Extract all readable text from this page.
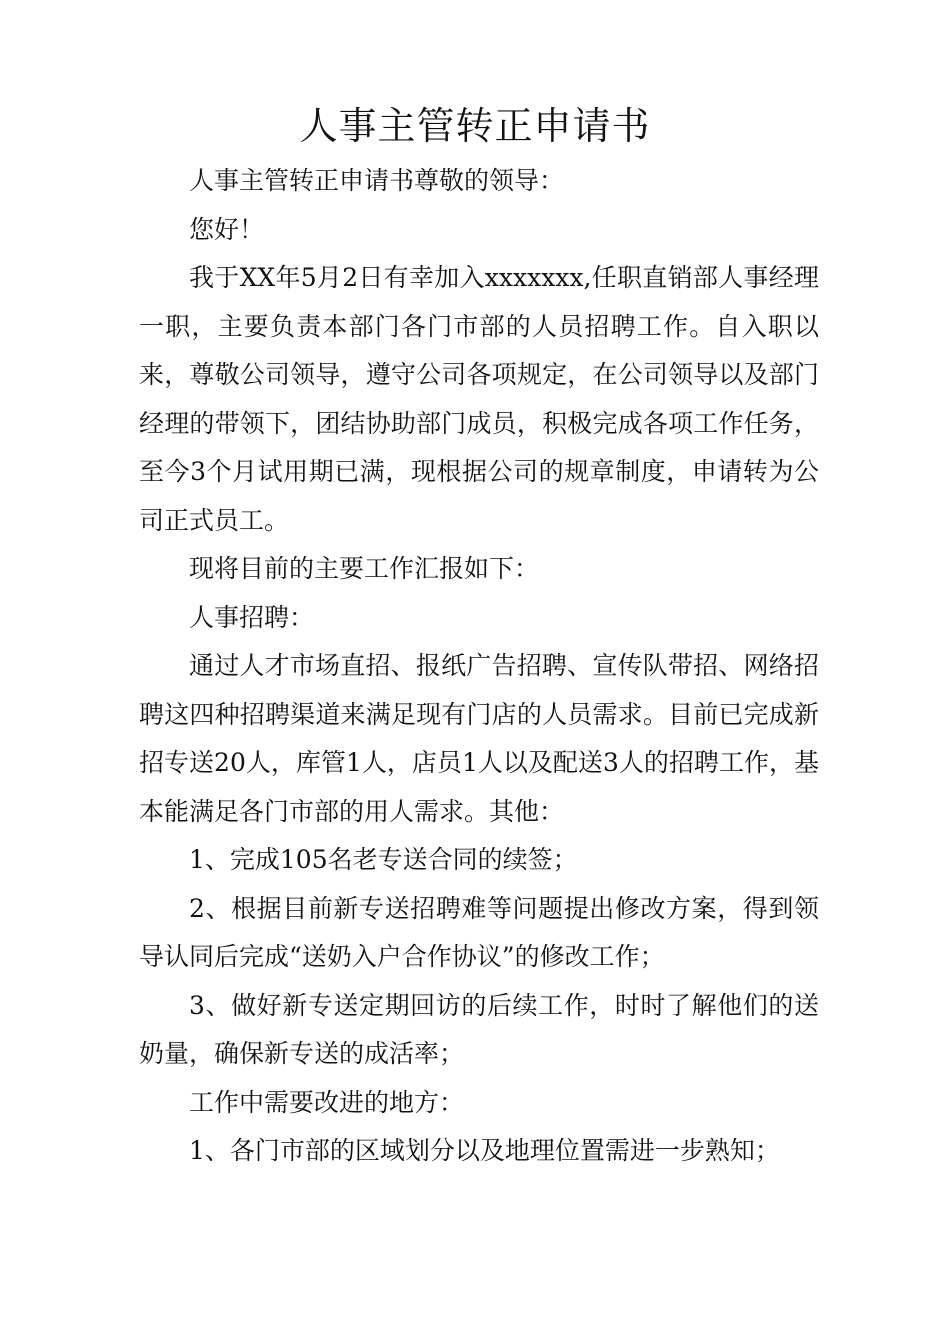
人事主管转正申请书

人事主管转正申请书尊敬的领导：

您好！

我于XX年5月2日有幸加入xxxxxxx,任职直销部人事经理一职，主要负责本部门各门市部的人员招聘工作。自入职以来，尊敬公司领导，遵守公司各项规定，在公司领导以及部门经理的带领下，团结协助部门成员，积极完成各项工作任务，至今3个月试用期已满，现根据公司的规章制度，申请转为公司正式员工。

现将目前的主要工作汇报如下：

人事招聘：

通过人才市场直招、报纸广告招聘、宣传队带招、网络招聘这四种招聘渠道来满足现有门店的人员需求。目前已完成新招专送20人，库管1人，店员1人以及配送3人的招聘工作，基本能满足各门市部的用人需求。其他：

1、完成105名老专送合同的续签；

2、根据目前新专送招聘难等问题提出修改方案，得到领导认同后完成“送奶入户合作协议”的修改工作；

3、做好新专送定期回访的后续工作，时时了解他们的送奶量，确保新专送的成活率；

工作中需要改进的地方：

1、各门市部的区域划分以及地理位置需进一步熟知；
